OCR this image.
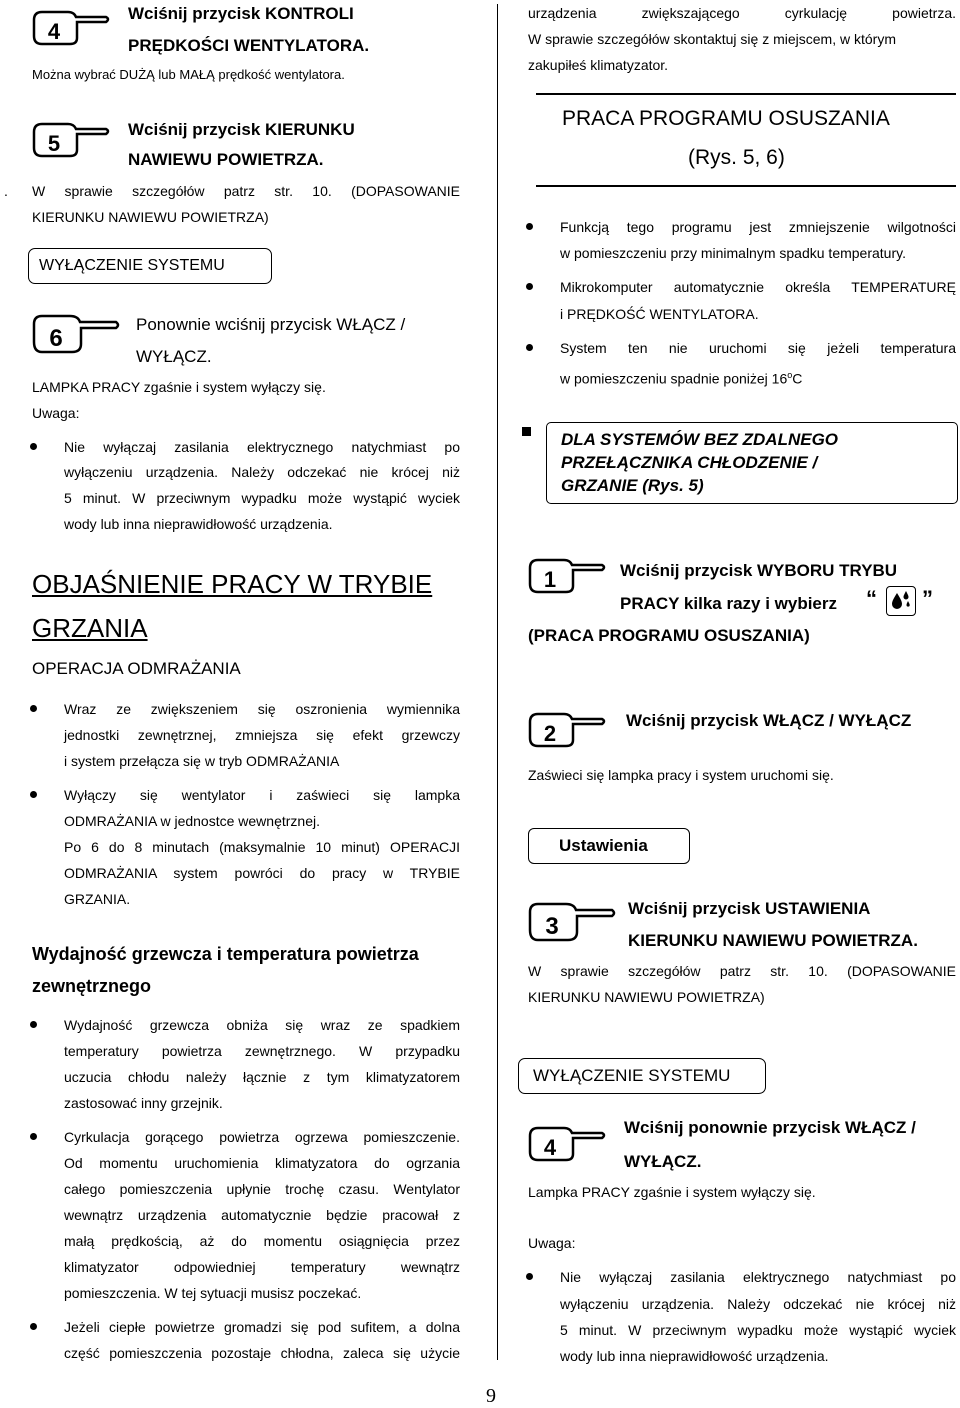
4
Wciśnij przycisk KONTROLI
PRĘDKOŚCI WENTYLATORA.
Można wybrać DUŻĄ lub MAŁĄ prędkość wentylatora.
5
Wciśnij przycisk KIERUNKU
NAWIEWU POWIETRZA.
. W sprawie szczegółów patrz str. 10. (DOPASOWANIE
KIERUNKU NAWIEWU POWIETRZA)
WYŁĄCZENIE SYSTEMU
6
Ponownie wciśnij przycisk WŁĄCZ /
WYŁĄCZ.
LAMPKA PRACY zgaśnie i system wyłączy się.
Uwaga:
Nie wyłączaj zasilania elektrycznego natychmiast po
wyłączeniu urządzenia. Należy odczekać nie krócej niż
5 minut. W przeciwnym wypadku może wystąpić wyciek
wody lub inna nieprawidłowość urządzenia.
OBJAŚNIENIE PRACY W TRYBIE
GRZANIA
OPERACJA ODMRAŻANIA
Wraz ze zwiększeniem się oszronienia wymiennika
jednostki zewnętrznej, zmniejsza się efekt grzewczy
i system przełącza się w tryb ODMRAŻANIA
Wyłączy się wentylator i zaświeci się lampka
ODMRAŻANIA w jednostce wewnętrznej.
Po 6 do 8 minutach (maksymalnie 10 minut) OPERACJI
ODMRAŻANIA system powróci do pracy w TRYBIE
GRZANIA.
Wydajność grzewcza i temperatura powietrza
zewnętrznego
Wydajność grzewcza obniża się wraz ze spadkiem
temperatury powietrza zewnętrznego. W przypadku
uczucia chłodu należy łącznie z tym klimatyzatorem
zastosować inny grzejnik.
Cyrkulacja gorącego powietrza ogrzewa pomieszczenie.
Od momentu uruchomienia klimatyzatora do ogrzania
całego pomieszczenia upłynie trochę czasu. Wentylator
wewnątrz urządzenia automatycznie będzie pracował z
małą prędkością, aż do momentu osiągnięcia przez
klimatyzator odpowiedniej temperatury wewnątrz
pomieszczenia. W tej sytuacji musisz poczekać.
Jeżeli ciepłe powietrze gromadzi się pod sufitem, a dolna
część pomieszczenia pozostaje chłodna, zaleca się użycie
urządzenia zwiększającego cyrkulację powietrza.
W sprawie szczegółów skontaktuj się z miejscem, w którym
zakupiłeś klimatyzator.
PRACA PROGRAMU OSUSZANIA
(Rys. 5, 6)
Funkcją tego programu jest zmniejszenie wilgotności
w pomieszczeniu przy minimalnym spadku temperatury.
Mikrokomputer automatycznie określa TEMPERATURĘ
i PRĘDKOŚĆ WENTYLATORA.
System ten nie uruchomi się jeżeli temperatura
w pomieszczeniu spadnie poniżej 16$^o$C
DLA SYSTEMÓW BEZ ZDALNEGO
PRZEŁĄCZNIKA CHŁODZENIE /
GRZANIE (Rys. 5)
1	Wciśnij przycisk WYBORU TRYBU
PRACY kilka razy i wybierz “ ”
(PRACA PROGRAMU OSUSZANIA)
2
Wciśnij przycisk WŁĄCZ / WYŁĄCZ
Zaświeci się lampka pracy i system uruchomi się.
Ustawienia
3
Wciśnij przycisk USTAWIENIA
KIERUNKU NAWIEWU POWIETRZA.
W sprawie szczegółów patrz str. 10. (DOPASOWANIE
KIERUNKU NAWIEWU POWIETRZA)
WYŁĄCZENIE SYSTEMU
4
Wciśnij ponownie przycisk WŁĄCZ /
WYŁĄCZ.
Lampka PRACY zgaśnie i system wyłączy się.
Uwaga:
Nie wyłączaj zasilania elektrycznego natychmiast po
wyłączeniu urządzenia. Należy odczekać nie krócej niż
5 minut. W przeciwnym wypadku może wystąpić wyciek
wody lub inna nieprawidłowość urządzenia.
9
